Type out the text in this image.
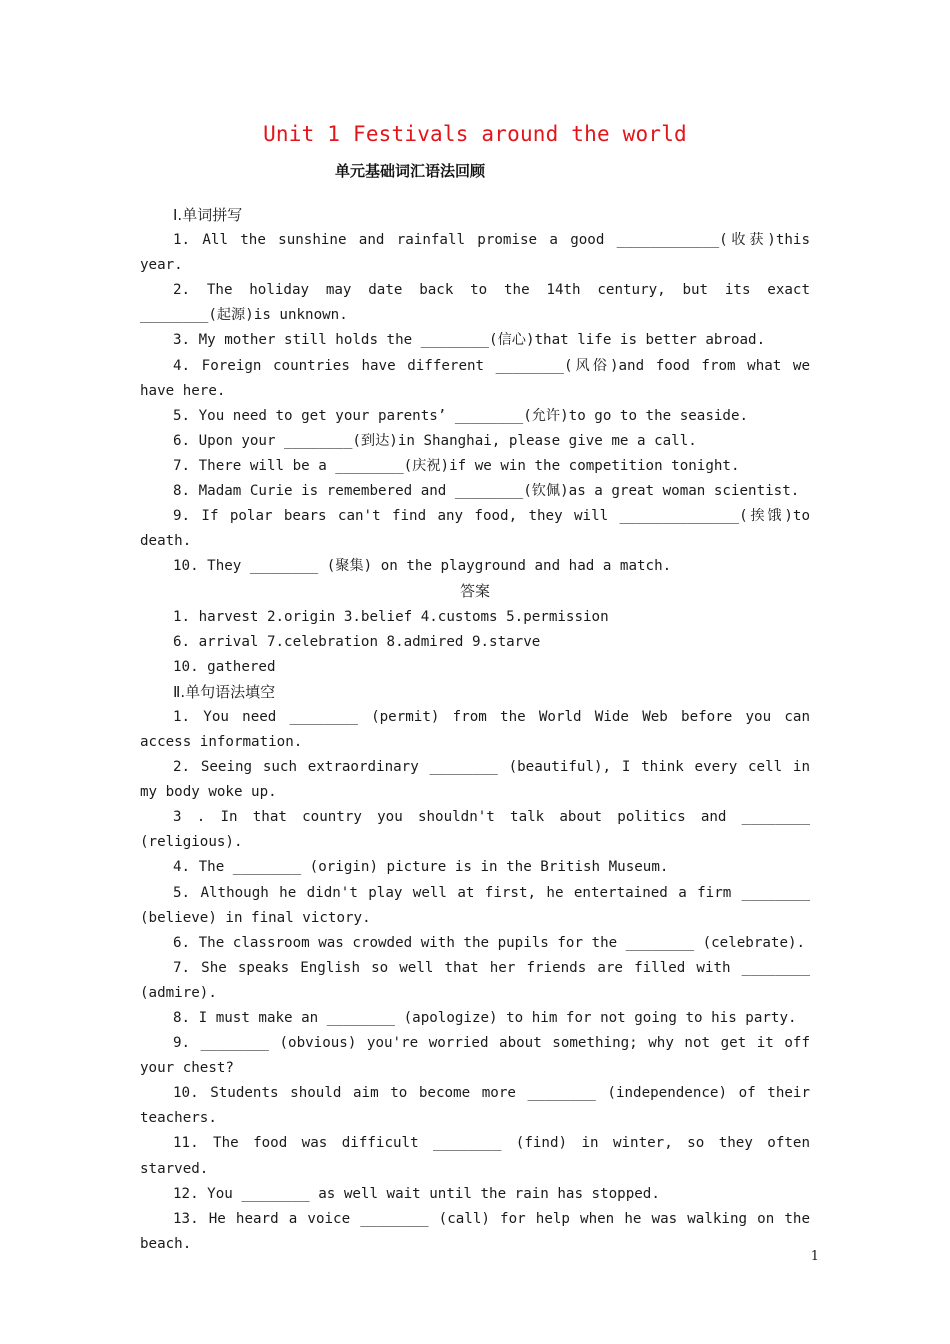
Unit 1 Festivals around the world
单元基础词汇语法回顾

Ⅰ.单词拼写

1. All the sunshine and rainfall promise a good ____________(收获)this year.

2. The holiday may date back to the 14th century, but its exact ________(起源)is unknown.

3. My mother still holds the ________(信心)that life is better abroad.

4. Foreign countries have different ________(风俗)and food from what we have here.

5. You need to get your parents’ ________(允许)to go to the seaside.

6. Upon your ________(到达)in Shanghai, please give me a call.

7. There will be a ________(庆祝)if we win the competition tonight.

8. Madam Curie is remembered and ________(钦佩)as a great woman scientist.

9. If polar bears can't find any food, they will ______________(挨饿)to death.

10. They ________ (聚集) on the playground and had a match.

答案

1. harvest 2.origin 3.belief 4.customs 5.permission

6. arrival 7.celebration 8.admired 9.starve

10. gathered

Ⅱ.单句语法填空

1. You need ________ (permit) from the World Wide Web before you can access information.

2. Seeing such extraordinary ________ (beautiful), I think every cell in my body woke up.

3 . In that country you shouldn't talk about politics and ________ (religious).

4. The ________ (origin) picture is in the British Museum.

5. Although he didn't play well at first, he entertained a firm ________ (believe) in final victory.

6. The classroom was crowded with the pupils for the ________ (celebrate).

7. She speaks English so well that her friends are filled with ________ (admire).

8. I must make an ________ (apologize) to him for not going to his party.

9. ________ (obvious) you're worried about something; why not get it off your chest?

10. Students should aim to become more ________ (independence) of their teachers.

11. The food was difficult ________ (find) in winter, so they often starved.

12. You ________ as well wait until the rain has stopped.

13. He heard a voice ________ (call) for help when he was walking on the beach.

1
